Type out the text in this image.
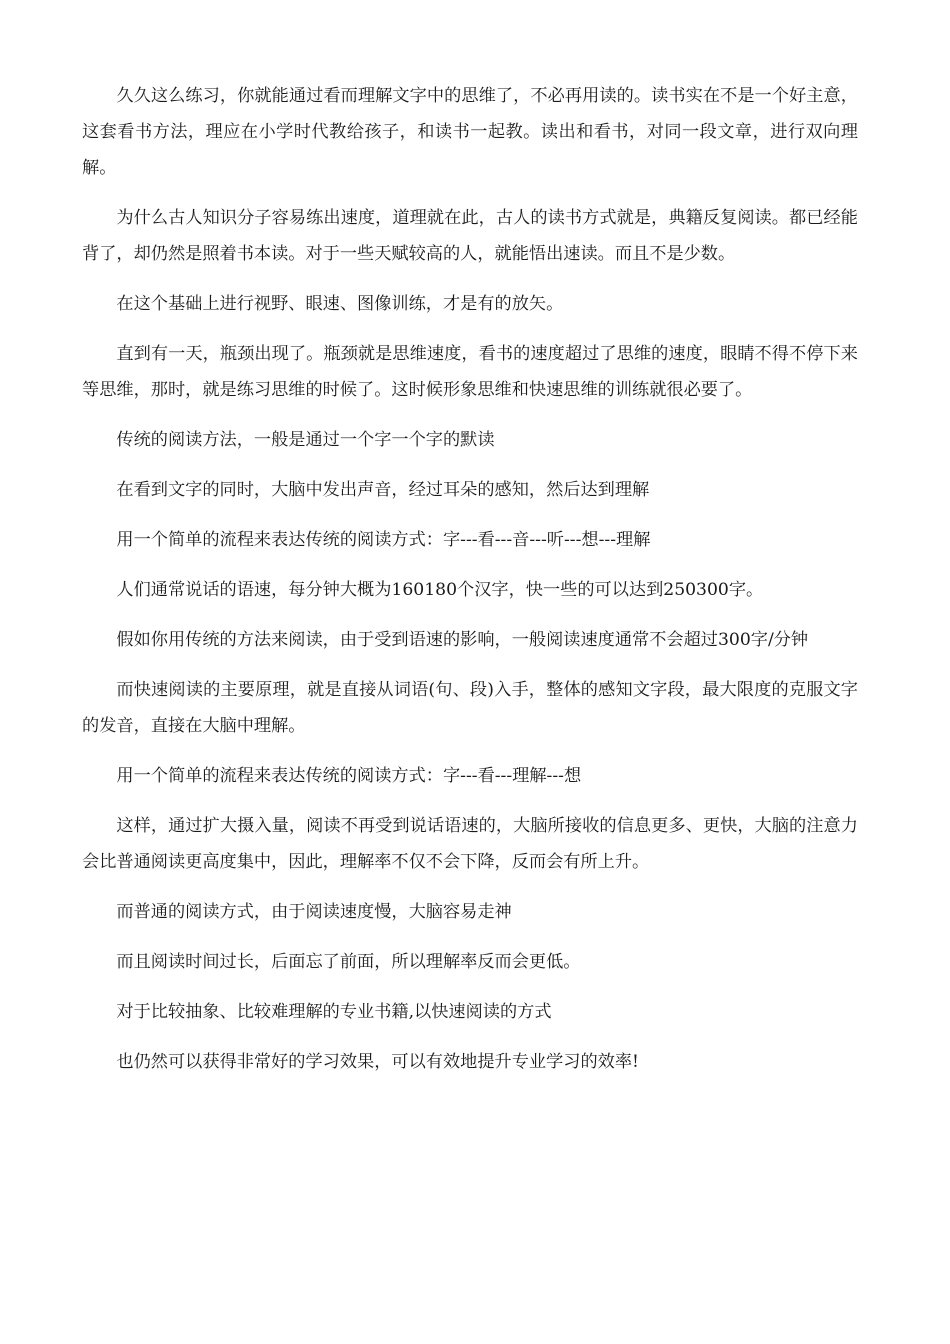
久久这么练习，你就能通过看而理解文字中的思维了，不必再用读的。读书实在不是一个好主意，这套看书方法，理应在小学时代教给孩子，和读书一起教。读出和看书，对同一段文章，进行双向理解。

为什么古人知识分子容易练出速度，道理就在此，古人的读书方式就是，典籍反复阅读。都已经能背了，却仍然是照着书本读。对于一些天赋较高的人，就能悟出速读。而且不是少数。

在这个基础上进行视野、眼速、图像训练，才是有的放矢。

直到有一天，瓶颈出现了。瓶颈就是思维速度，看书的速度超过了思维的速度，眼睛不得不停下来等思维，那时，就是练习思维的时候了。这时候形象思维和快速思维的训练就很必要了。

传统的阅读方法，一般是通过一个字一个字的默读

在看到文字的同时，大脑中发出声音，经过耳朵的感知，然后达到理解

用一个简单的流程来表达传统的阅读方式：字---看---音---听---想---理解

人们通常说话的语速，每分钟大概为160180个汉字，快一些的可以达到250300字。

假如你用传统的方法来阅读，由于受到语速的影响，一般阅读速度通常不会超过300字/分钟

而快速阅读的主要原理，就是直接从词语(句、段)入手，整体的感知文字段，最大限度的克服文字的发音，直接在大脑中理解。

用一个简单的流程来表达传统的阅读方式：字---看---理解---想

这样，通过扩大摄入量，阅读不再受到说话语速的，大脑所接收的信息更多、更快，大脑的注意力会比普通阅读更高度集中，因此，理解率不仅不会下降，反而会有所上升。

而普通的阅读方式，由于阅读速度慢，大脑容易走神

而且阅读时间过长，后面忘了前面，所以理解率反而会更低。

对于比较抽象、比较难理解的专业书籍,以快速阅读的方式

也仍然可以获得非常好的学习效果，可以有效地提升专业学习的效率!
